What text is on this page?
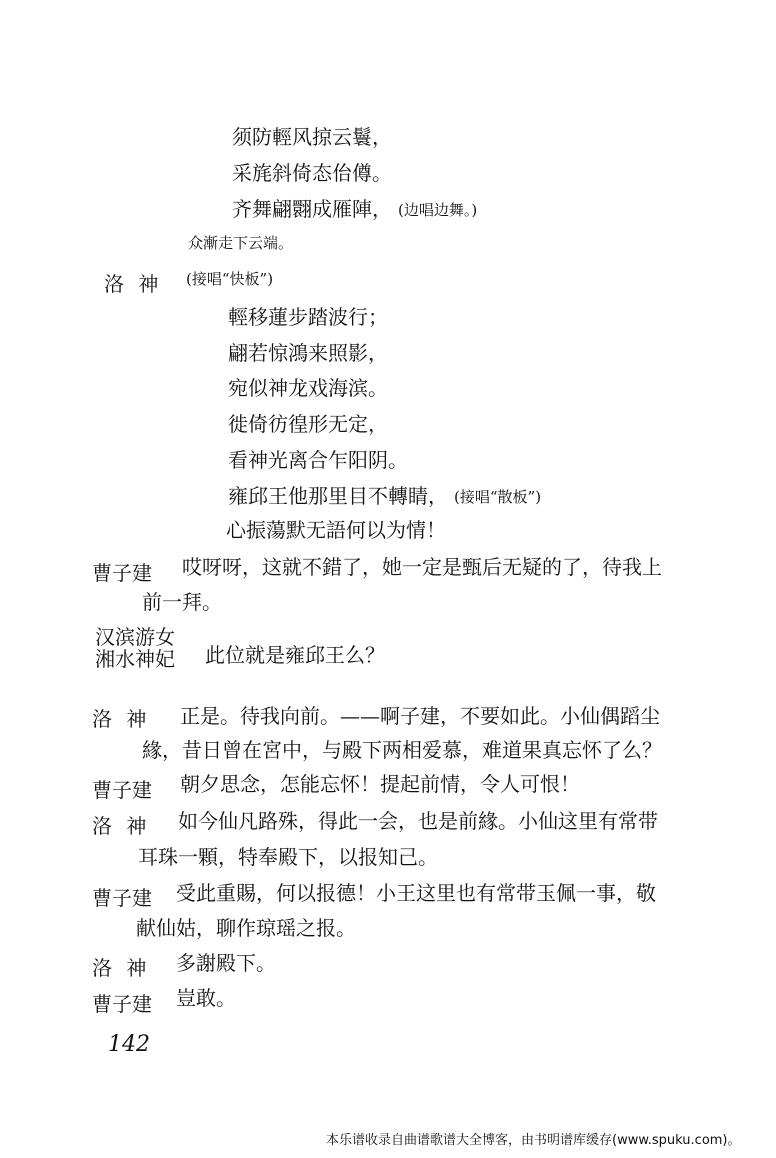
须防輕风掠云鬟，
采旄斜倚态佁僔。
齐舞翩翾成雁陣， (边唱边舞。)
众漸走下云端。
洛 神 (接唱“快板”)
輕移蓮步踏波行；
翩若惊鴻来照影，
宛似神龙戏海滨。
徙倚彷徨形无定，
看神光离合乍阳阴。
雍邱王他那里目不轉睛， (接唱“散板”)
心振蕩默无語何以为情！
曹子建 哎呀呀，这就不錯了，她一定是甄后无疑的了，待我上
前一拜。
汉滨游女
湘水神妃 此位就是雍邱王么？
洛 神 正是。待我向前。——啊子建，不要如此。小仙偶蹈尘
緣，昔日曾在宮中，与殿下两相爱慕，难道果真忘怀了么？
曹子建 朝夕思念，怎能忘怀！提起前情，令人可恨！
洛 神 如今仙凡路殊，得此一会，也是前緣。小仙这里有常带
耳珠一顆，特奉殿下，以报知己。
曹子建 受此重賜，何以报德！小王这里也有常带玉佩一事，敬
献仙姑，聊作琼瑶之报。
洛 神 多謝殿下。
曹子建 豈敢。
142
本乐谱收录自曲谱歌谱大全博客，由书明谱库缓存(www.spuku.com)。
